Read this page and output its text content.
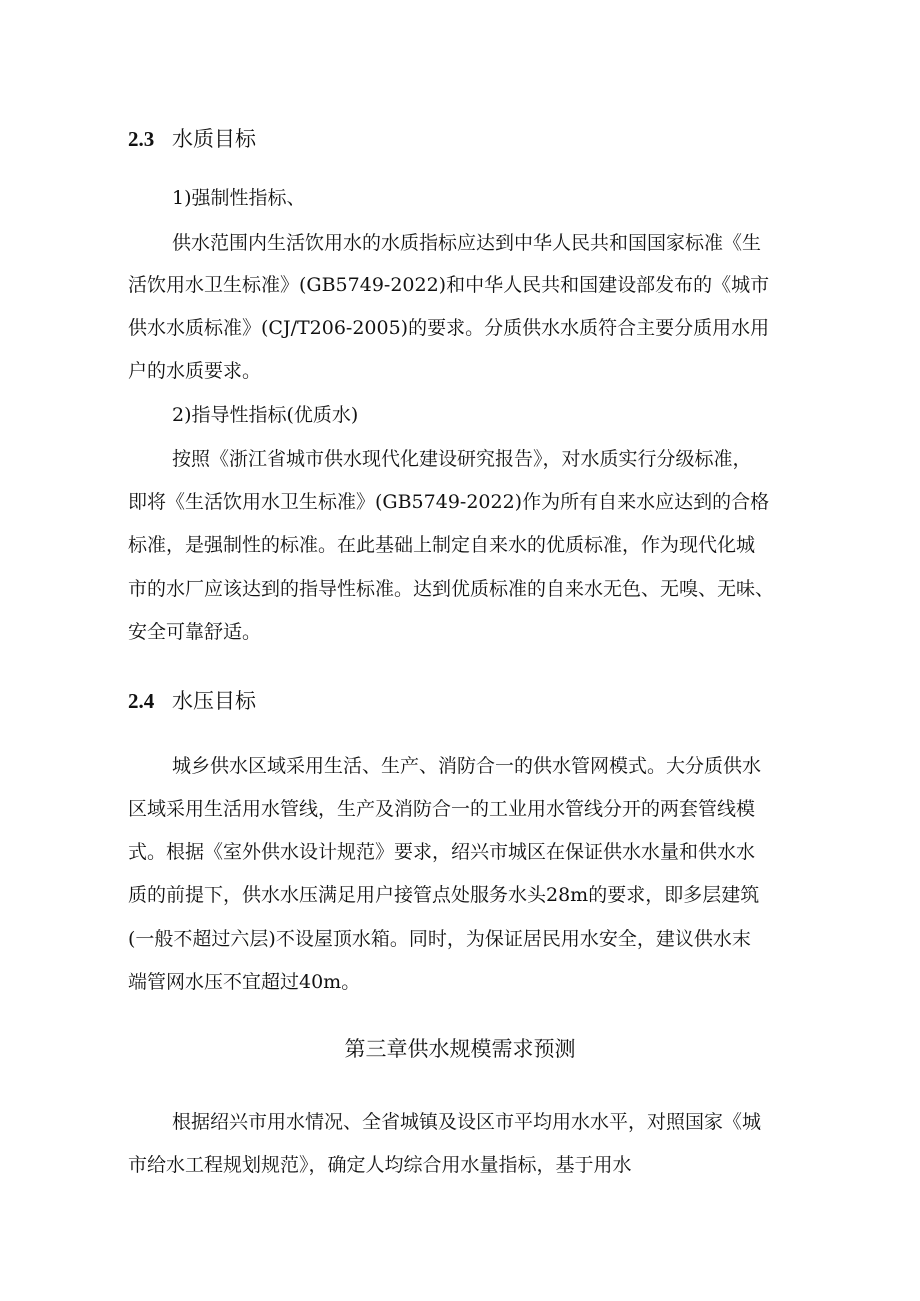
2.3 水质目标
1)强制性指标、
供水范围内生活饮用水的水质指标应达到中华人民共和国国家标准《生
活饮用水卫生标准》(GB5749-2022)和中华人民共和国建设部发布的《城市
供水水质标准》(CJ/T206-2005)的要求。分质供水水质符合主要分质用水用
户的水质要求。
2)指导性指标(优质水)
按照《浙江省城市供水现代化建设研究报告》，对水质实行分级标准，
即将《生活饮用水卫生标准》(GB5749-2022)作为所有自来水应达到的合格
标准，是强制性的标准。在此基础上制定自来水的优质标准，作为现代化城
市的水厂应该达到的指导性标准。达到优质标准的自来水无色、无嗅、无味、
安全可靠舒适。
2.4 水压目标
城乡供水区域采用生活、生产、消防合一的供水管网模式。大分质供水
区域采用生活用水管线，生产及消防合一的工业用水管线分开的两套管线模
式。根据《室外供水设计规范》要求，绍兴市城区在保证供水水量和供水水
质的前提下，供水水压满足用户接管点处服务水头28m的要求，即多层建筑
(一般不超过六层)不设屋顶水箱。同时，为保证居民用水安全，建议供水末
端管网水压不宜超过40m。
第三章供水规模需求预测
根据绍兴市用水情况、全省城镇及设区市平均用水水平，对照国家《城
市给水工程规划规范》，确定人均综合用水量指标，基于用水
